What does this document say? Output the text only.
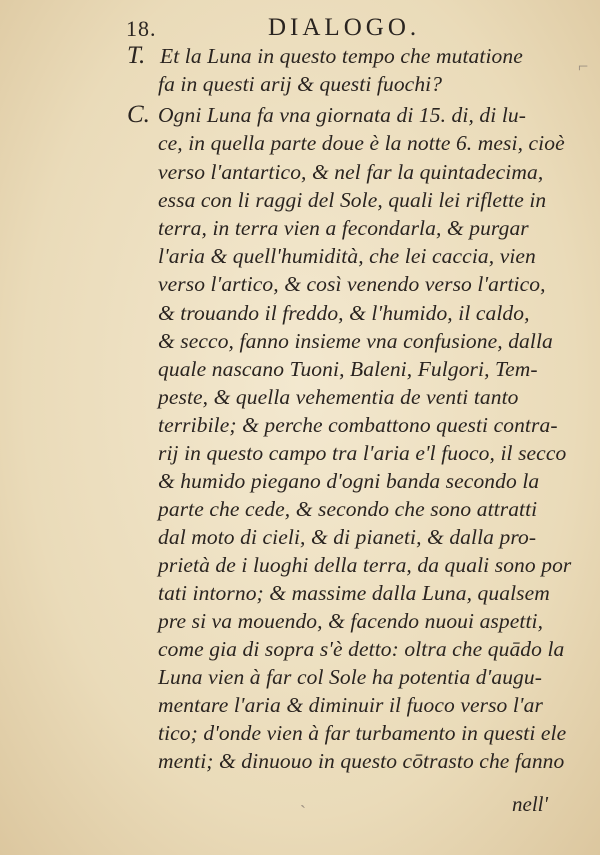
18.	DIALOGO.
T.
C.
Et la Luna in questo tempo che mutatione
fa in questi arij & questi fuochi?
Ogni Luna fa vna giornata di 15. di, di lu-
ce, in quella parte doue è la notte 6. mesi, cioè
verso l'antartico, & nel far la quintadecima,
essa con li raggi del Sole, quali lei riflette in
terra, in terra vien a fecondarla, & purgar
l'aria & quell'humidità, che lei caccia, vien
verso l'artico, & così venendo verso l'artico,
& trouando il freddo, & l'humido, il caldo,
& secco, fanno insieme vna confusione, dalla
quale nascano Tuoni, Baleni, Fulgori, Tem-
peste, & quella vehementia de venti tanto
terribile; & perche combattono questi contra-
rij in questo campo tra l'aria e'l fuoco, il secco
& humido piegano d'ogni banda secondo la
parte che cede, & secondo che sono attratti
dal moto di cieli, & di pianeti, & dalla pro-
prietà de i luoghi della terra, da quali sono por
tati intorno; & massime dalla Luna, qualsem
pre si va mouendo, & facendo nuoui aspetti,
come gia di sopra s'è detto: oltra che quādo la
Luna vien à far col Sole ha potentia d'augu-
mentare l'aria & diminuir il fuoco verso l'ar
tico; d'onde vien à far turbamento in questi ele
menti; & dinuouo in questo cōtrasto che fanno
nell'
⌐
ˎ
